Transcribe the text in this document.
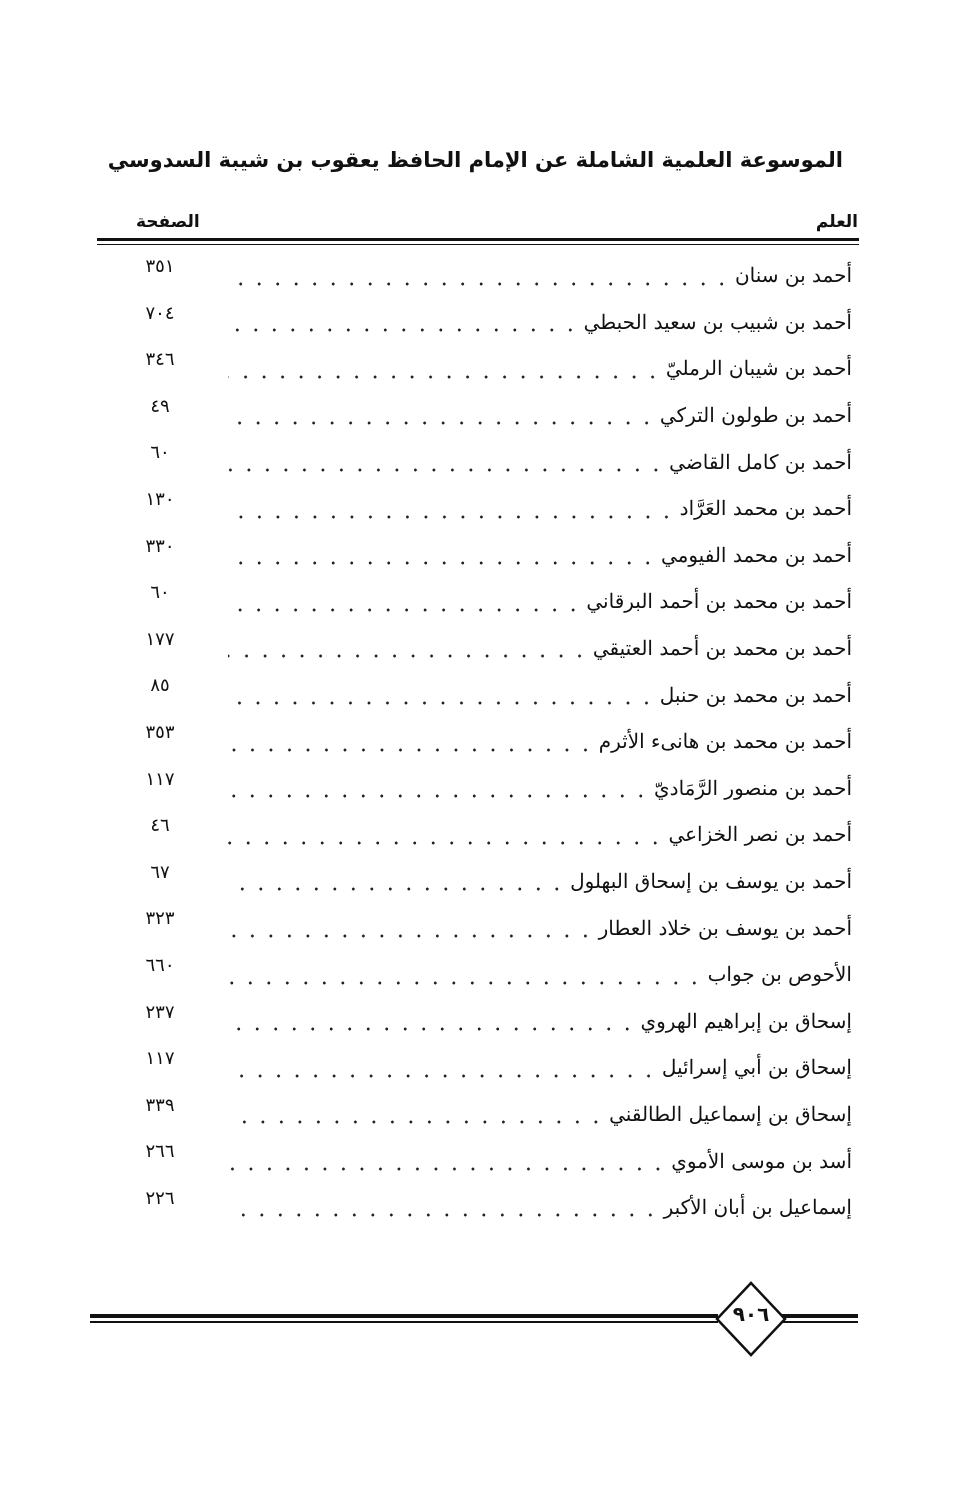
الموسوعة العلمية الشاملة عن الإمام الحافظ يعقوب بن شيبة السدوسي
العلم
الصفحة
أحمد بن سنان
٣٥١
أحمد بن شبيب بن سعيد الحبطي
٧٠٤
أحمد بن شيبان الرمليّ
٣٤٦
أحمد بن طولون التركي
٤٩
أحمد بن كامل القاضي
٦٠
أحمد بن محمد العَرَّاد
١٣٠
أحمد بن محمد الفيومي
٣٣٠
أحمد بن محمد بن أحمد البرقاني
٦٠
أحمد بن محمد بن أحمد العتيقي
١٧٧
أحمد بن محمد بن حنبل
٨٥
أحمد بن محمد بن هانىء الأثرم
٣٥٣
أحمد بن منصور الرَّمَاديّ
١١٧
أحمد بن نصر الخزاعي
٤٦
أحمد بن يوسف بن إسحاق البهلول
٦٧
أحمد بن يوسف بن خلاد العطار
٣٢٣
الأحوص بن جواب
٦٦٠
إسحاق بن إبراهيم الهروي
٢٣٧
إسحاق بن أبي إسرائيل
١١٧
إسحاق بن إسماعيل الطالقني
٣٣٩
أسد بن موسى الأموي
٢٦٦
إسماعيل بن أبان الأكبر
٢٢٦
٩٠٦
